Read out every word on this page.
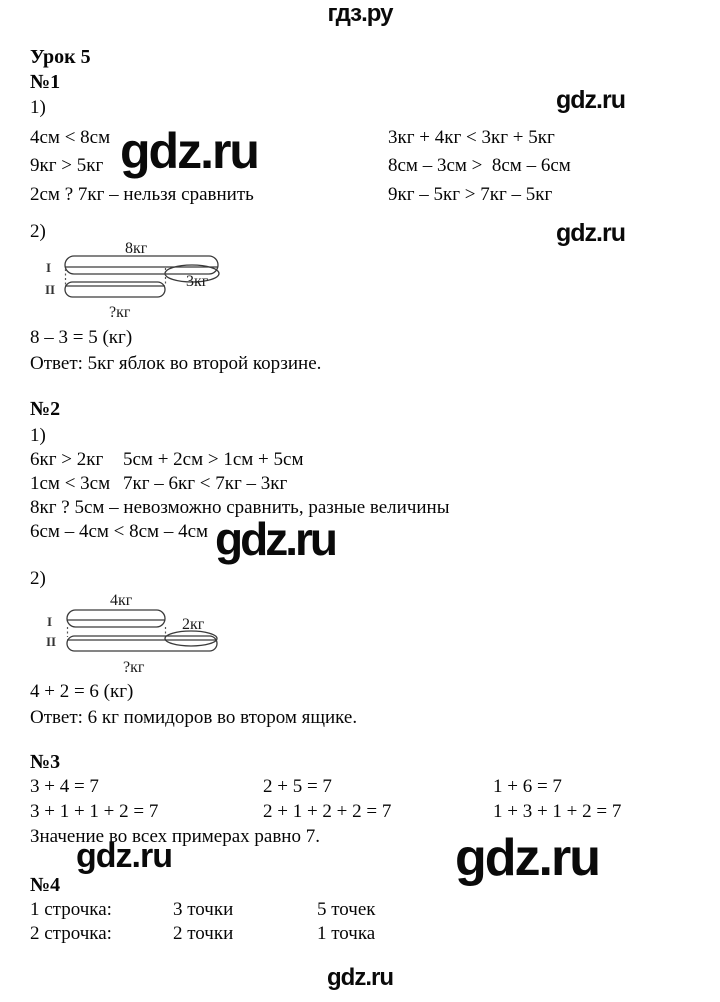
гдз.ру
gdz.ru
gdz.ru
Урок 5
№1
1)
4см < 8см	3кг + 4кг < 3кг + 5кг
9кг > 5кг	8см – 3см >  8см – 6см
2см ? 7кг – нельзя сравнить	9кг – 5кг > 7кг – 5кг
gdz.ru
2)
8кг
I
3кг
II
?кг
8 – 3 = 5 (кг)
Ответ: 5кг яблок во второй корзине.
№2
1)
6кг > 2кг 5см + 2см > 1см + 5см
1см < 3см 7кг – 6кг < 7кг – 3кг
8кг ? 5см – невозможно сравнить, разные величины
6см – 4см < 8см – 4см gdz.ru
2)
4кг
I	2кг
II
?кг
4 + 2 = 6 (кг)
Ответ: 6 кг помидоров во втором ящике.
№3
3 + 4 = 7	2 + 5 = 7	1 + 6 = 7
3 + 1 + 1 + 2 = 7	2 + 1 + 2 + 2 = 7	1 + 3 + 1 + 2 = 7
Значение во всех примерах равно 7.
gdz.ru	gdz.ru
№4
1 строчка:	3 точки	5 точек
2 строчка:	2 точки	1 точка
gdz.ru
